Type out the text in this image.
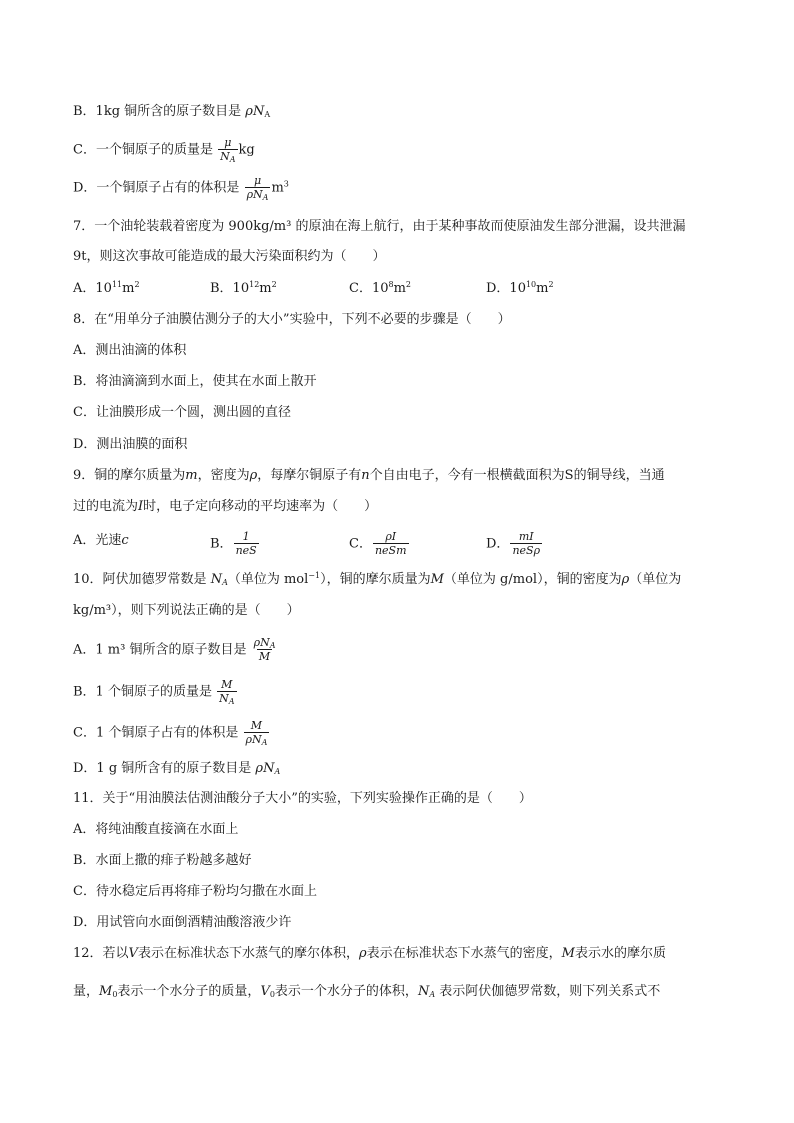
B．1kg 铜所含的原子数目是 $\rho N_A$
C．一个铜原子的质量是 $\frac{\mu}{N_A}$ kg
D．一个铜原子占有的体积是 $\frac{\mu}{\rho N_A} m^3$
7．一个油轮装载着密度为 900kg/m³ 的原油在海上航行，由于某种事故而使原油发生部分泄漏，设共泄漏
9t，则这次事故可能造成的最大污染面积约为（　　）
A．$10^{11}m^2$	B．$10^{12}m^2$	C．$10^8m^2$	D．$10^{10}m^2$
8．在“用单分子油膜估测分子的大小”实验中，下列不必要的步骤是（　　）
A．测出油滴的体积
B．将油滴滴到水面上，使其在水面上散开
C．让油膜形成一个圆，测出圆的直径
D．测出油膜的面积
9．铜的摩尔质量为m，密度为ρ，每摩尔铜原子有n个自由电子，今有一根横截面积为S的铜导线，当通
过的电流为I时，电子定向移动的平均速率为（　　）
A．光速c	B． $\frac{1}{\text{neS}}$	C． $\frac{\rho I}{\text{neSm}}$	D． $\frac{mI}{\text{neSρ}}$
10．阿伏加德罗常数是 $N_A$（单位为 mol$^{-1}$），铜的摩尔质量为M（单位为 g/mol），铜的密度为ρ（单位为
kg/m³），则下列说法正确的是（　　）
A．1 m³ 铜所含的原子数目是 $\frac{\rho N_A}{M}$
B．1 个铜原子的质量是 $\frac{M}{N_A}$
C．1 个铜原子占有的体积是 $\frac{M}{\rho N_A}$
D．1 g 铜所含有的原子数目是 $\rho N_A$
11．关于“用油膜法估测油酸分子大小”的实验，下列实验操作正确的是（　　）
A．将纯油酸直接滴在水面上
B．水面上撒的痱子粉越多越好
C．待水稳定后再将痱子粉均匀撒在水面上
D．用试管向水面倒酒精油酸溶液少许
12．若以V表示在标准状态下水蒸气的摩尔体积，ρ表示在标准状态下水蒸气的密度，M表示水的摩尔质
量，$M_0$表示一个水分子的质量，$V_0$表示一个水分子的体积，$N_A$ 表示阿伏伽德罗常数，则下列关系式不
